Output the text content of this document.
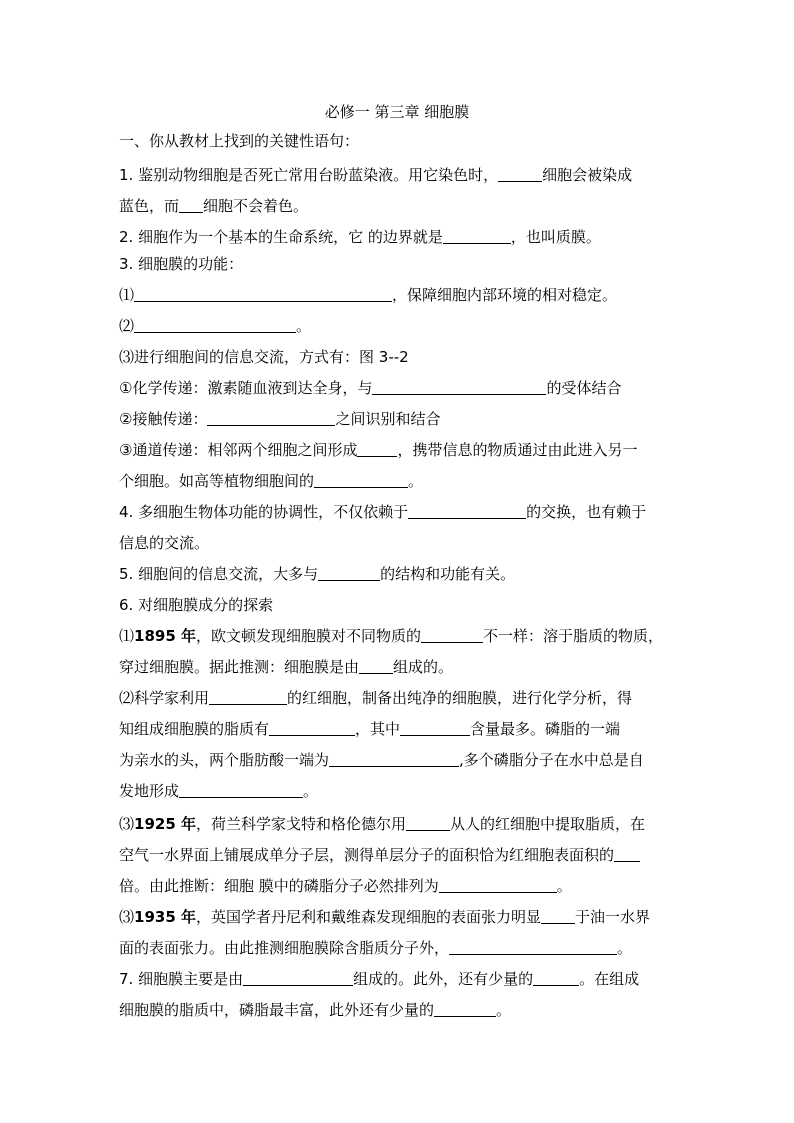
必修一 第三章 细胞膜
一、你从教材上找到的关键性语句：
1. 鉴别动物细胞是否死亡常用台盼蓝染液。用它染色时，	细胞会被染成
蓝色，而 细胞不会着色。
2. 细胞作为一个基本的生命系统，它 的边界就是	，也叫质膜。
3. 细胞膜的功能：
⑴	，保障细胞内部环境的相对稳定。
⑵	。
⑶进行细胞间的信息交流，方式有：图 3--2
①化学传递：激素随血液到达全身，与	的受体结合
②接触传递：	之间识别和结合
③通道传递：相邻两个细胞之间形成	，携带信息的物质通过由此进入另一
个细胞。如高等植物细胞间的	。
4. 多细胞生物体功能的协调性，不仅依赖于	的交换，也有赖于
信息的交流。
5. 细胞间的信息交流，大多与	的结构和功能有关。
6. 对细胞膜成分的探索
⑴1895 年，欧文顿发现细胞膜对不同物质的	不一样：溶于脂质的物质，
穿过细胞膜。据此推测：细胞膜是由 组成的。
⑵科学家利用	的红细胞，制备出纯净的细胞膜，进行化学分析，得
知组成细胞膜的脂质有	，其中	含量最多。磷脂的一端
为亲水的头，两个脂肪酸一端为	,多个磷脂分子在水中总是自
发地形成	。
⑶1925 年，荷兰科学家戈特和格伦德尔用	从人的红细胞中提取脂质，在
空气一水界面上铺展成单分子层，测得单层分子的面积恰为红细胞表面积的
倍。由此推断：细胞 膜中的磷脂分子必然排列为	。
⑶1935 年，英国学者丹尼利和戴维森发现细胞的表面张力明显 于油一水界
面的表面张力。由此推测细胞膜除含脂质分子外，	。
7. 细胞膜主要是由	组成的。此外，还有少量的	。在组成
细胞膜的脂质中，磷脂最丰富，此外还有少量的	。
